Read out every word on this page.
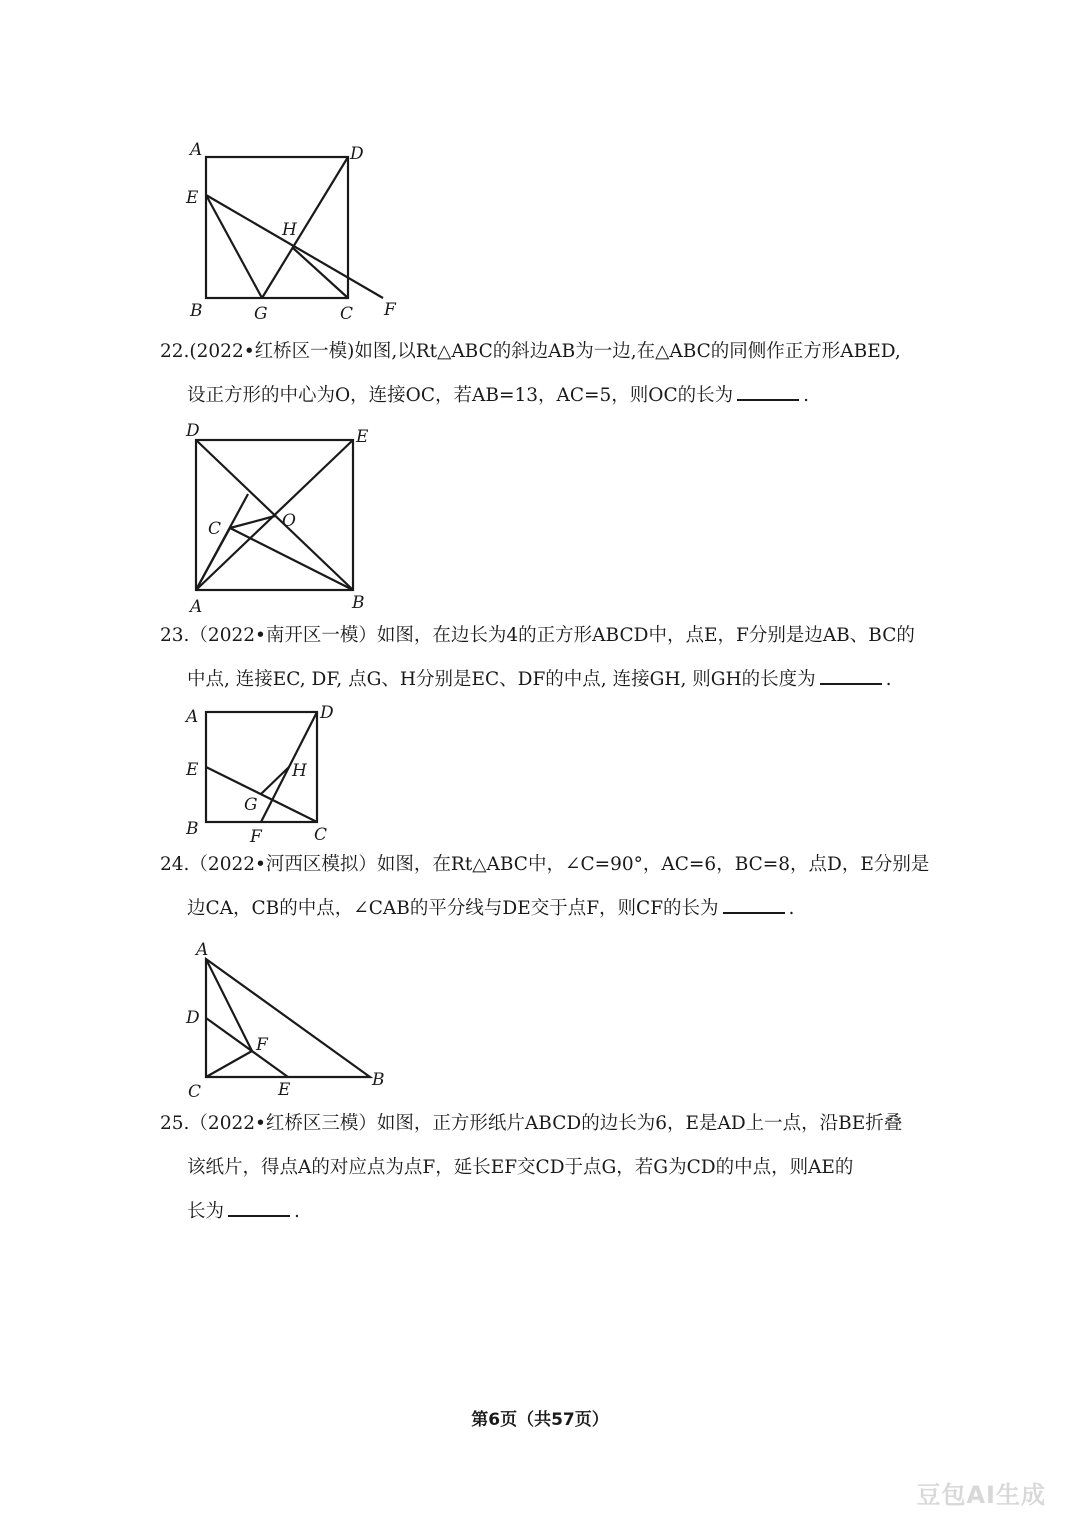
A	D
E
H
B	G	C F
22.(2022•红桥区一模)如图,以Rt△ABC的斜边AB为一边,在△ABC的同侧作正方形ABED,
设正方形的中心为O，连接OC，若AB=13，AC=5，则OC的长为	.
D	E
C	O
A	B
23.（2022•南开区一模）如图，在边长为4的正方形ABCD中，点E，F分别是边AB、BC的
中点, 连接EC, DF, 点G、H分别是EC、DF的中点, 连接GH, 则GH的长度为	.
A	D
E	H
G
B	F	C
24.（2022•河西区模拟）如图，在Rt△ABC中，∠C=90°，AC=6，BC=8，点D，E分别是
边CA，CB的中点，∠CAB的平分线与DE交于点F，则CF的长为	.
A
D
F
C	E	B
25.（2022•红桥区三模）如图，正方形纸片ABCD的边长为6，E是AD上一点，沿BE折叠
该纸片，得点A的对应点为点F，延长EF交CD于点G，若G为CD的中点，则AE的
长为	.
第6页（共57页）
豆包AI生成
